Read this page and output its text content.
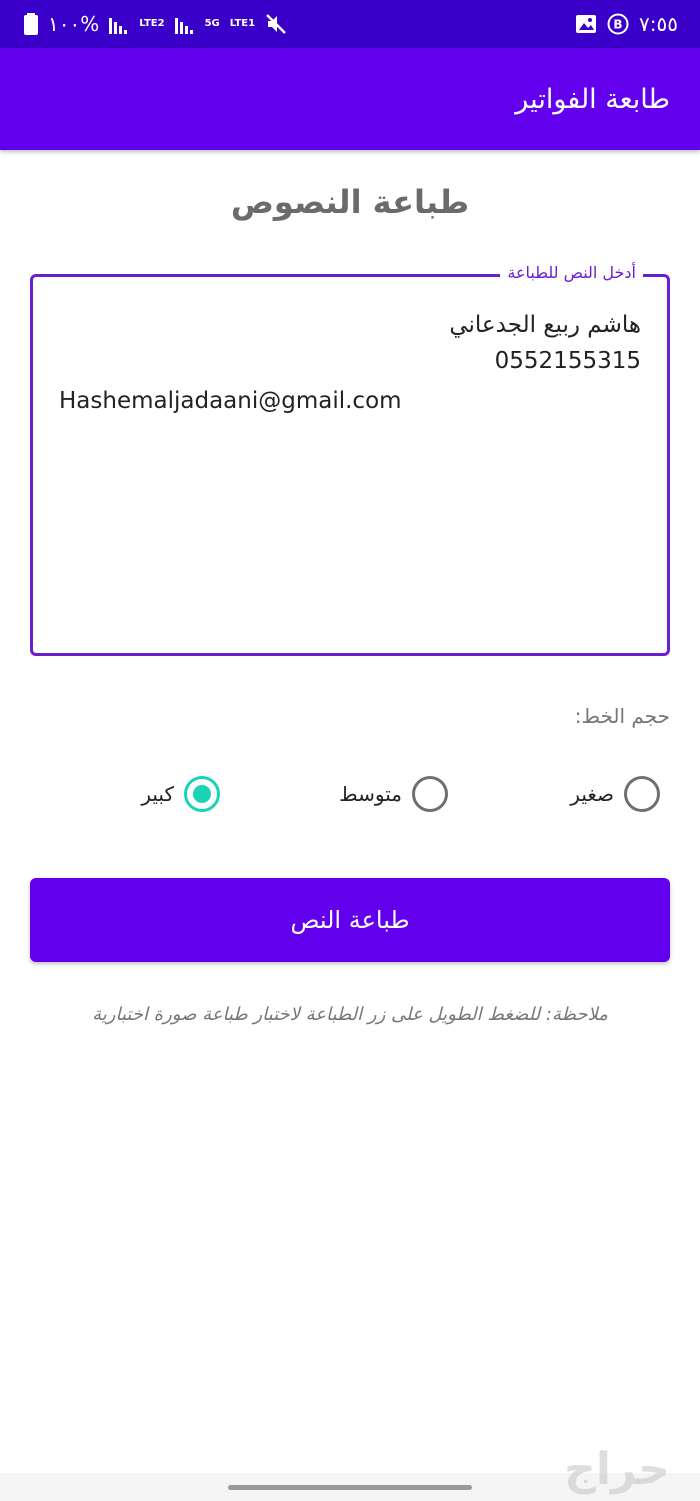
%١٠٠	LTE2	5G LTE1	B ٧:٥٥
طابعة الفواتير
طباعة النصوص
أدخل النص للطباعة
هاشم ربيع الجدعاني
0552155315
Hashemaljadaani@gmail.com
حجم الخط:
صغير
متوسط
كبير
طباعة النص
ملاحظة: للضغط الطويل على زر الطباعة لاختبار طباعة صورة اختبارية
حراج
